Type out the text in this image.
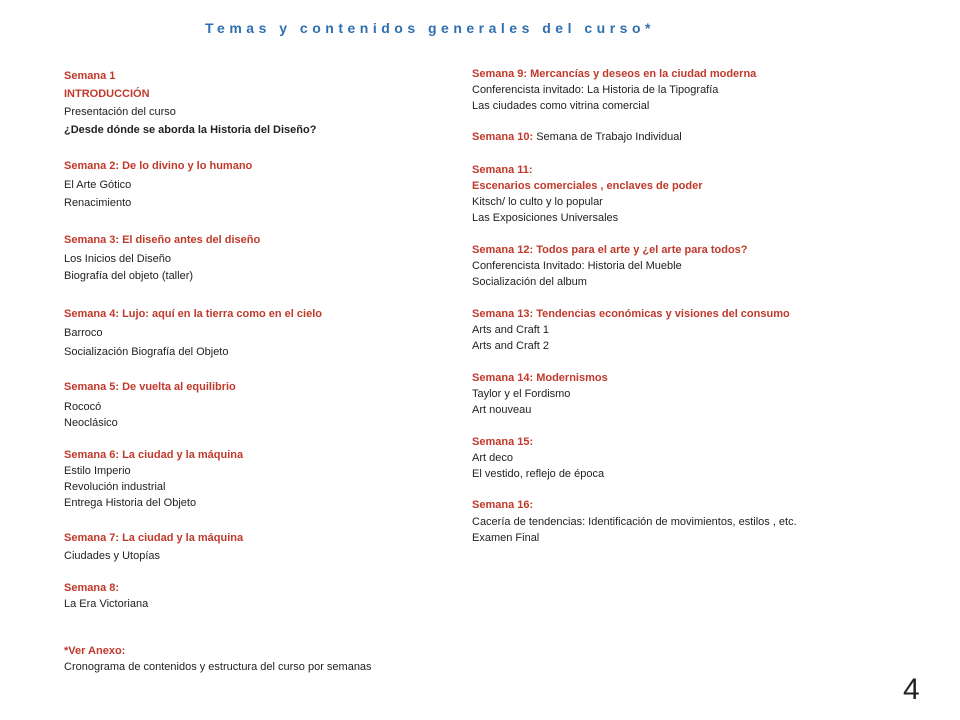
Temas y contenidos generales del curso*
Semana 1
INTRODUCCIÓN
Presentación del curso
¿Desde dónde se aborda la Historia del Diseño?
Semana 2: De lo divino y lo humano
El Arte Gótico
Renacimiento
Semana 3: El diseño antes del diseño
Los Inicios del Diseño
Biografía del objeto (taller)
Semana 4: Lujo: aquí en la tierra como en el cielo
Barroco
Socialización Biografía del Objeto
Semana 5: De vuelta al equilibrio
Rococó
Neoclásico
Semana 6: La ciudad y la máquina
Estilo Imperio
Revolución industrial
Entrega Historia del Objeto
Semana 7: La ciudad y la máquina
Ciudades y Utopías
Semana 8:
La Era Victoriana
Semana 9: Mercancías y deseos en la ciudad moderna
Conferencista invitado: La Historia de la Tipografía
Las ciudades como vitrina comercial
Semana 10: Semana de Trabajo Individual
Semana 11:
Escenarios comerciales , enclaves de poder
Kitsch/ lo culto y lo popular
Las Exposiciones Universales
Semana 12: Todos para el arte y ¿el arte para todos?
Conferencista Invitado: Historia del Mueble
Socialización del album
Semana 13: Tendencias económicas y visiones del consumo
Arts and Craft 1
Arts and Craft 2
Semana 14: Modernismos
Taylor y el Fordismo
Art nouveau
Semana 15:
Art deco
El vestido, reflejo de época
Semana 16:
Cacería de tendencias: Identificación de movimientos, estilos , etc.
Examen Final
*Ver Anexo:
Cronograma de contenidos y estructura del curso por semanas
4
